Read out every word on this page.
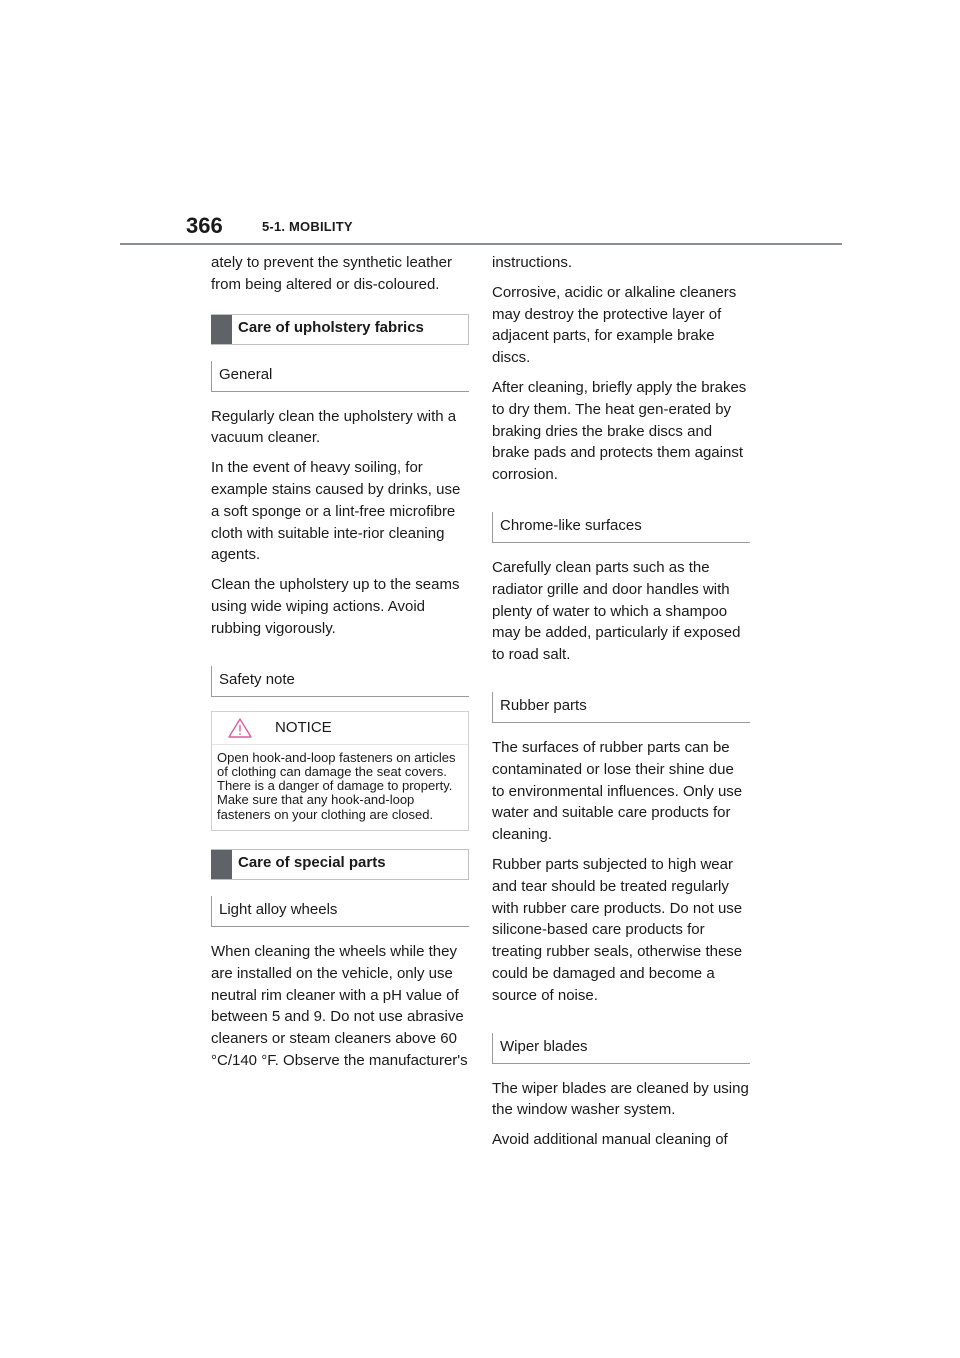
366	5-1. MOBILITY

ately to prevent the synthetic leather from being altered or dis-coloured.

Care of upholstery fabrics
General

Regularly clean the upholstery with a vacuum cleaner.

In the event of heavy soiling, for example stains caused by drinks, use a soft sponge or a lint-free microfibre cloth with suitable inte-rior cleaning agents.

Clean the upholstery up to the seams using wide wiping actions. Avoid rubbing vigorously.

Safety note
NOTICE
Open hook-and-loop fasteners on articles of clothing can damage the seat covers. There is a danger of damage to property. Make sure that any hook-and-loop fasteners on your clothing are closed.
Care of special parts
Light alloy wheels

When cleaning the wheels while they are installed on the vehicle, only use neutral rim cleaner with a pH value of between 5 and 9. Do not use abrasive cleaners or steam cleaners above 60 °C/140 °F. Observe the manufacturer's

instructions.

Corrosive, acidic or alkaline cleaners may destroy the protective layer of adjacent parts, for example brake discs.

After cleaning, briefly apply the brakes to dry them. The heat gen-erated by braking dries the brake discs and brake pads and protects them against corrosion.

Chrome-like surfaces

Carefully clean parts such as the radiator grille and door handles with plenty of water to which a shampoo may be added, particularly if exposed to road salt.

Rubber parts

The surfaces of rubber parts can be contaminated or lose their shine due to environmental influences. Only use water and suitable care products for cleaning.

Rubber parts subjected to high wear and tear should be treated regularly with rubber care products. Do not use silicone-based care products for treating rubber seals, otherwise these could be damaged and become a source of noise.

Wiper blades

The wiper blades are cleaned by using the window washer system.

Avoid additional manual cleaning of
